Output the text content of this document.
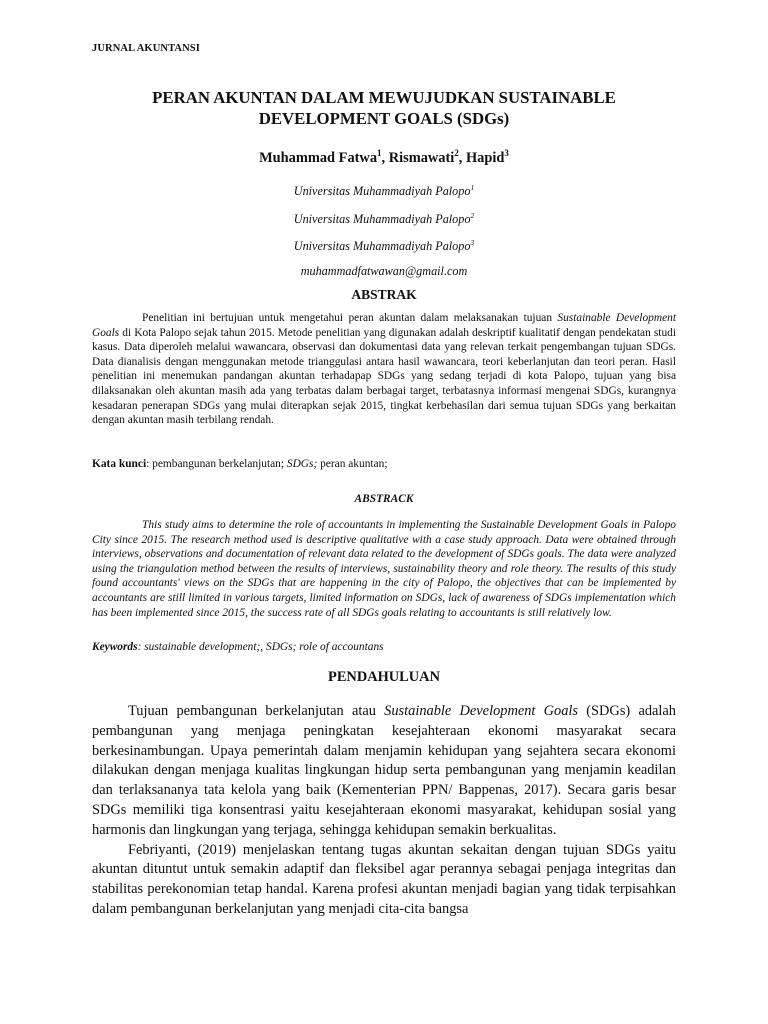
JURNAL AKUNTANSI
PERAN AKUNTAN DALAM MEWUJUDKAN SUSTAINABLE
DEVELOPMENT GOALS (SDGs)
Muhammad Fatwa$^1$, Rismawati$^2$, Hapid$^3$
Universitas Muhammadiyah Palopo$^1$
Universitas Muhammadiyah Palopo$^2$
Universitas Muhammadiyah Palopo$^3$
muhammadfatwawan@gmail.com
ABSTRAK
Penelitian ini bertujuan untuk mengetahui peran akuntan dalam melaksanakan tujuan Sustainable Development Goals di Kota Palopo sejak tahun 2015. Metode penelitian yang digunakan adalah deskriptif kualitatif dengan pendekatan studi kasus. Data diperoleh melalui wawancara, observasi dan dokumentasi data yang relevan terkait pengembangan tujuan SDGs. Data dianalisis dengan menggunakan metode trianggulasi antara hasil wawancara, teori keberlanjutan dan teori peran. Hasil penelitian ini menemukan pandangan akuntan terhadapap SDGs yang sedang terjadi di kota Palopo, tujuan yang bisa dilaksanakan oleh akuntan masih ada yang terbatas dalam berbagai target, terbatasnya informasi mengenai SDGs, kurangnya kesadaran penerapan SDGs yang mulai diterapkan sejak 2015, tingkat kerbehasilan dari semua tujuan SDGs yang berkaitan dengan akuntan masih terbilang rendah.
Kata kunci: pembangunan berkelanjutan; SDGs; peran akuntan;
ABSTRACK
This study aims to determine the role of accountants in implementing the Sustainable Development Goals in Palopo City since 2015. The research method used is descriptive qualitative with a case study approach. Data were obtained through interviews, observations and documentation of relevant data related to the development of SDGs goals. The data were analyzed using the triangulation method between the results of interviews, sustainability theory and role theory. The results of this study found accountants' views on the SDGs that are happening in the city of Palopo, the objectives that can be implemented by accountants are still limited in various targets, limited information on SDGs, lack of awareness of SDGs implementation which has been implemented since 2015, the success rate of all SDGs goals relating to accountants is still relatively low.
Keywords: sustainable development;, SDGs; role of accountans
PENDAHULUAN

Tujuan pembangunan berkelanjutan atau Sustainable Development Goals (SDGs) adalah pembangunan yang menjaga peningkatan kesejahteraan ekonomi masyarakat secara berkesinambungan. Upaya pemerintah dalam menjamin kehidupan yang sejahtera secara ekonomi dilakukan dengan menjaga kualitas lingkungan hidup serta pembangunan yang menjamin keadilan dan terlaksananya tata kelola yang baik (Kementerian PPN/ Bappenas, 2017). Secara garis besar SDGs memiliki tiga konsentrasi yaitu kesejahteraan ekonomi masyarakat, kehidupan sosial yang harmonis dan lingkungan yang terjaga, sehingga kehidupan semakin berkualitas.

Febriyanti, (2019) menjelaskan tentang tugas akuntan sekaitan dengan tujuan SDGs yaitu akuntan dituntut untuk semakin adaptif dan fleksibel agar perannya sebagai penjaga integritas dan stabilitas perekonomian tetap handal. Karena profesi akuntan menjadi bagian yang tidak terpisahkan dalam pembangunan berkelanjutan yang menjadi cita-cita bangsa
